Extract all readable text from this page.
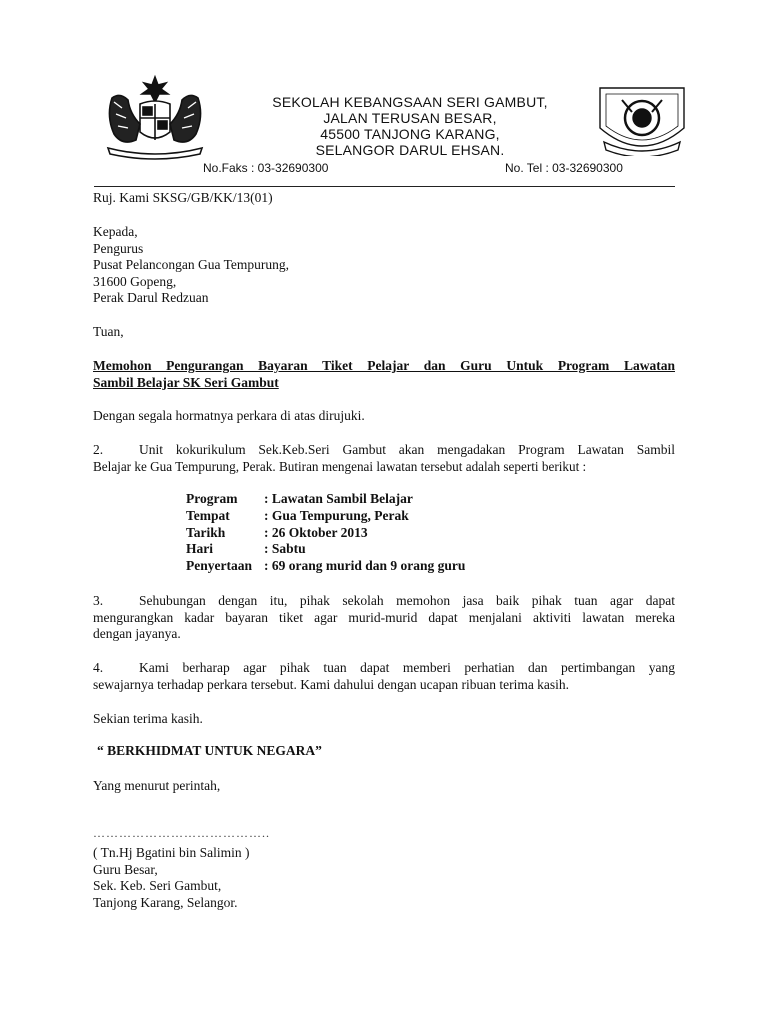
SEKOLAH KEBANGSAAN SERI GAMBUT,
JALAN TERUSAN BESAR,
45500 TANJONG KARANG,
SELANGOR DARUL EHSAN.
No.Faks : 03-32690300	No. Tel : 03-32690300
Ruj. Kami SKSG/GB/KK/13(01)
Kepada,
Pengurus
Pusat Pelancongan Gua Tempurung,
31600 Gopeng,
Perak Darul Redzuan
Tuan,
Memohon Pengurangan Bayaran Tiket Pelajar dan Guru Untuk Program Lawatan
Sambil Belajar SK Seri Gambut
Dengan segala hormatnya perkara di atas dirujuki.
2.	Unit kokurikulum Sek.Keb.Seri Gambut akan mengadakan Program Lawatan Sambil
Belajar ke Gua Tempurung, Perak. Butiran mengenai lawatan tersebut adalah seperti berikut :
Program	: Lawatan Sambil Belajar
Tempat	: Gua Tempurung, Perak
Tarikh	: 26 Oktober 2013
Hari	: Sabtu
Penyertaan : 69 orang murid dan 9 orang guru
3.	Sehubungan dengan itu, pihak sekolah memohon jasa baik pihak tuan agar dapat
mengurangkan kadar bayaran tiket agar murid-murid dapat menjalani aktiviti lawatan mereka
dengan jayanya.
4.	Kami berharap agar pihak tuan dapat memberi perhatian dan pertimbangan yang
sewajarnya terhadap perkara tersebut. Kami dahului dengan ucapan ribuan terima kasih.
Sekian terima kasih.
“ BERKHIDMAT UNTUK NEGARA”
Yang menurut perintah,
…………………………………..
( Tn.Hj Bgatini bin Salimin )
Guru Besar,
Sek. Keb. Seri Gambut,
Tanjong Karang, Selangor.
